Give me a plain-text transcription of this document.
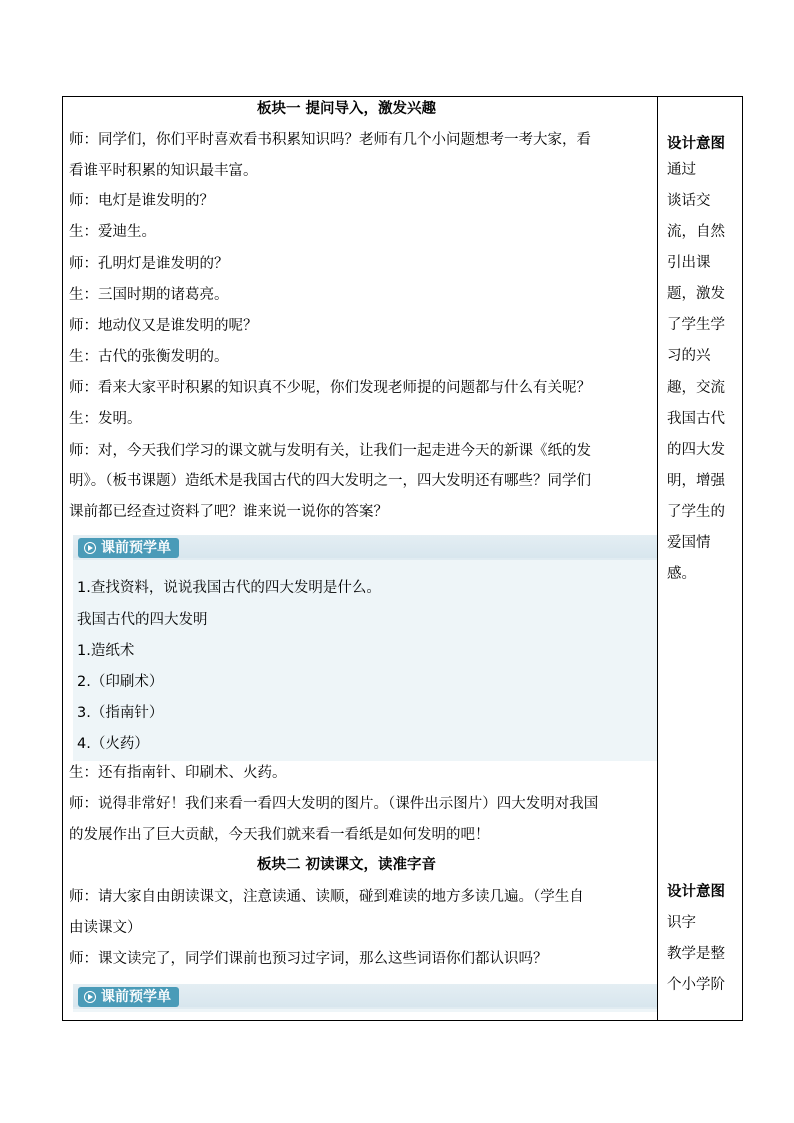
板块一 提问导入，激发兴趣
师：同学们，你们平时喜欢看书积累知识吗？老师有几个小问题想考一考大家，看
看谁平时积累的知识最丰富。
师：电灯是谁发明的？
生：爱迪生。
师：孔明灯是谁发明的？
生：三国时期的诸葛亮。
师：地动仪又是谁发明的呢？
生：古代的张衡发明的。
师：看来大家平时积累的知识真不少呢，你们发现老师提的问题都与什么有关呢？
生：发明。
师：对，今天我们学习的课文就与发明有关，让我们一起走进今天的新课《纸的发
明》。（板书课题）造纸术是我国古代的四大发明之一，四大发明还有哪些？同学们
课前都已经查过资料了吧？谁来说一说你的答案？
课前预学单
1.查找资料，说说我国古代的四大发明是什么。
我国古代的四大发明
1.造纸术
2.（印刷术）
3.（指南针）
4.（火药）
生：还有指南针、印刷术、火药。
师：说得非常好！我们来看一看四大发明的图片。（课件出示图片）四大发明对我国
的发展作出了巨大贡献，今天我们就来看一看纸是如何发明的吧！
板块二 初读课文，读准字音
师：请大家自由朗读课文，注意读通、读顺，碰到难读的地方多读几遍。（学生自
由读课文）
师：课文读完了，同学们课前也预习过字词，那么这些词语你们都认识吗？
课前预学单
设计意图
通过
谈话交
流，自然
引出课
题，激发
了学生学
习的兴
趣，交流
我国古代
的四大发
明，增强
了学生的
爱国情
感。
设计意图
识字
教学是整
个小学阶
